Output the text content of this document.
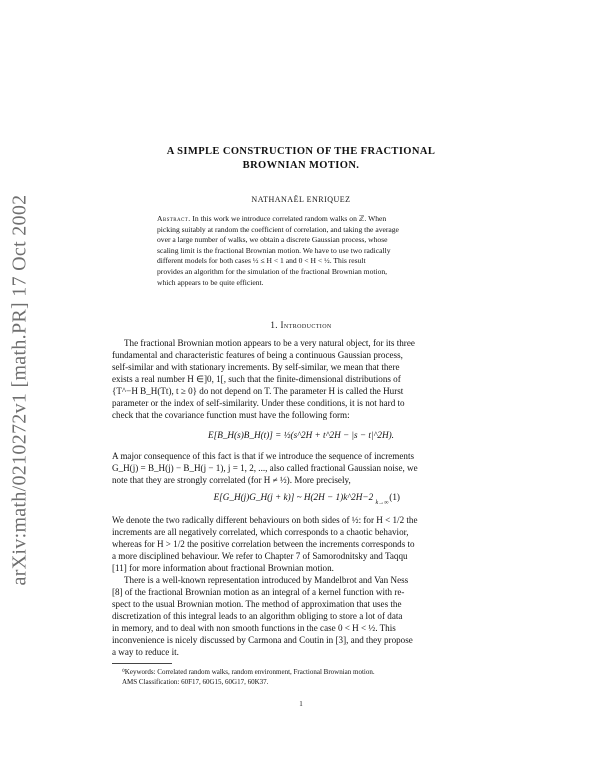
arXiv:math/0210272v1 [math.PR] 17 Oct 2002
A SIMPLE CONSTRUCTION OF THE FRACTIONAL
BROWNIAN MOTION.
NATHANAËL ENRIQUEZ
Abstract. In this work we introduce correlated random walks on ℤ. When
picking suitably at random the coefficient of correlation, and taking the average
over a large number of walks, we obtain a discrete Gaussian process, whose
scaling limit is the fractional Brownian motion. We have to use two radically
different models for both cases ½ ≤ H < 1 and 0 < H < ½. This result
provides an algorithm for the simulation of the fractional Brownian motion,
which appears to be quite efficient.
1. Introduction
The fractional Brownian motion appears to be a very natural object, for its three
fundamental and characteristic features of being a continuous Gaussian process,
self-similar and with stationary increments. By self-similar, we mean that there
exists a real number H ∈]0, 1[, such that the finite-dimensional distributions of
{T^−H B_H(Tt), t ≥ 0} do not depend on T. The parameter H is called the Hurst
parameter or the index of self-similarity. Under these conditions, it is not hard to
check that the covariance function must have the following form:
E[B_H(s)B_H(t)] = ½(s^2H + t^2H − |s − t|^2H).
A major consequence of this fact is that if we introduce the sequence of increments
G_H(j) = B_H(j) − B_H(j − 1), j = 1, 2, ..., also called fractional Gaussian noise, we
note that they are strongly correlated (for H ≠ ½). More precisely,
E[G_H(j)G_H(j + k)] ~ H(2H − 1)k^2H−2 $_{k\to\infty}$
(1)
We denote the two radically different behaviours on both sides of ½: for H < 1/2 the
increments are all negatively correlated, which corresponds to a chaotic behavior,
whereas for H > 1/2 the positive correlation between the increments corresponds to
a more disciplined behaviour. We refer to Chapter 7 of Samorodnitsky and Taqqu
[11] for more information about fractional Brownian motion.
There is a well-known representation introduced by Mandelbrot and Van Ness
[8] of the fractional Brownian motion as an integral of a kernel function with re-
spect to the usual Brownian motion. The method of approximation that uses the
discretization of this integral leads to an algorithm obliging to store a lot of data
in memory, and to deal with non smooth functions in the case 0 < H < ½. This
inconvenience is nicely discussed by Carmona and Coutin in [3], and they propose
a way to reduce it.
⁰Keywords: Correlated random walks, random environment, Fractional Brownian motion.
AMS Classification: 60F17, 60G15, 60G17, 60K37.
1
